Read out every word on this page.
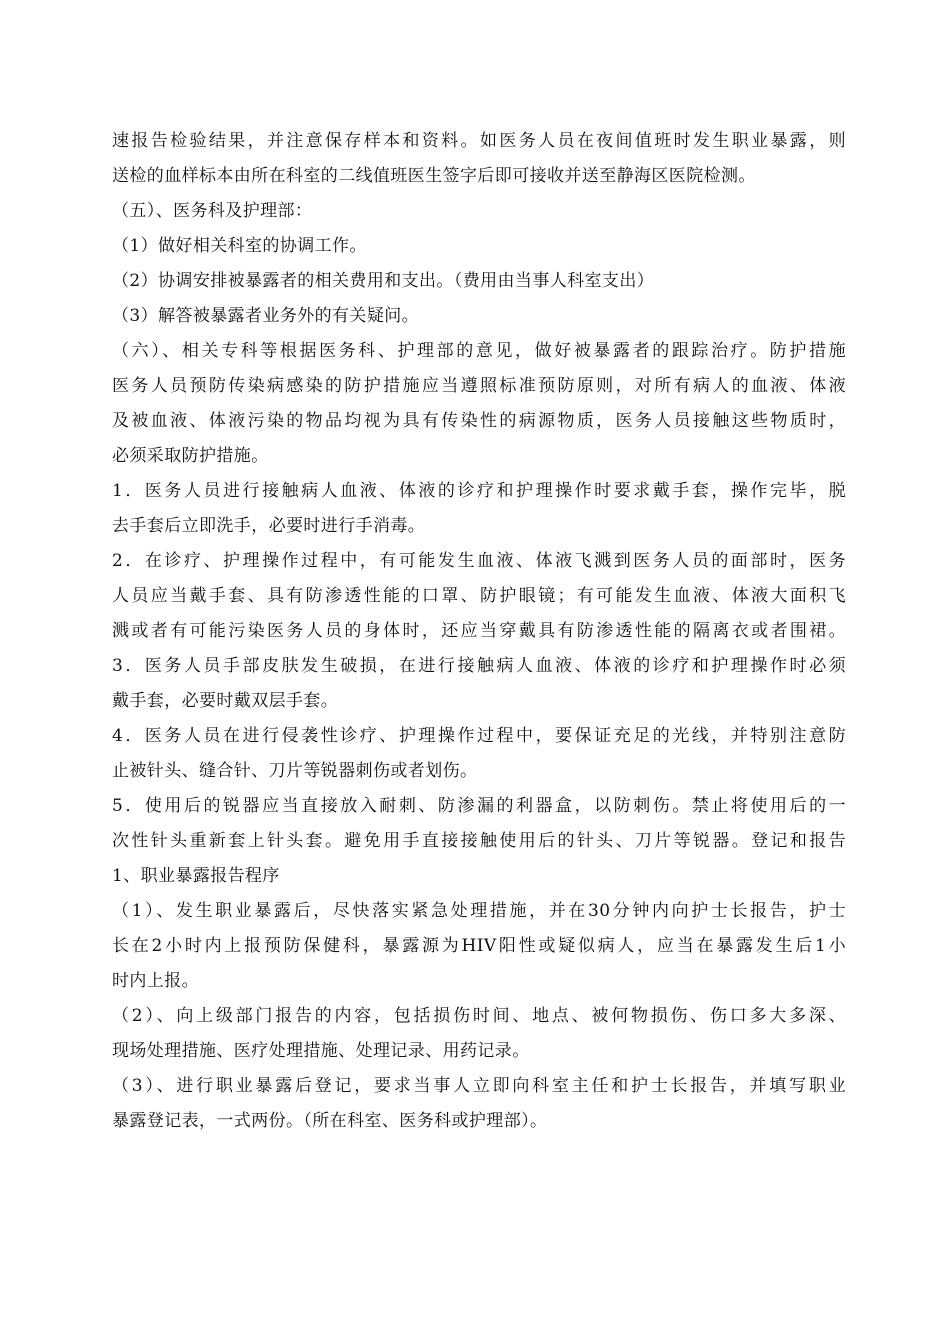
速报告检验结果，并注意保存样本和资料。如医务人员在夜间值班时发生职业暴露，则
送检的血样标本由所在科室的二线值班医生签字后即可接收并送至静海区医院检测。
（五）、医务科及护理部：
（1）做好相关科室的协调工作。
（2）协调安排被暴露者的相关费用和支出。（费用由当事人科室支出）
（3）解答被暴露者业务外的有关疑问。
（六）、相关专科等根据医务科、护理部的意见，做好被暴露者的跟踪治疗。防护措施
医务人员预防传染病感染的防护措施应当遵照标准预防原则，对所有病人的血液、体液
及被血液、体液污染的物品均视为具有传染性的病源物质，医务人员接触这些物质时，
必须采取防护措施。
1．医务人员进行接触病人血液、体液的诊疗和护理操作时要求戴手套，操作完毕，脱
去手套后立即洗手，必要时进行手消毒。
2．在诊疗、护理操作过程中，有可能发生血液、体液飞溅到医务人员的面部时，医务
人员应当戴手套、具有防渗透性能的口罩、防护眼镜；有可能发生血液、体液大面积飞
溅或者有可能污染医务人员的身体时，还应当穿戴具有防渗透性能的隔离衣或者围裙。
3．医务人员手部皮肤发生破损，在进行接触病人血液、体液的诊疗和护理操作时必须
戴手套，必要时戴双层手套。
4．医务人员在进行侵袭性诊疗、护理操作过程中，要保证充足的光线，并特别注意防
止被针头、缝合针、刀片等锐器刺伤或者划伤。
5．使用后的锐器应当直接放入耐刺、防渗漏的利器盒，以防刺伤。禁止将使用后的一
次性针头重新套上针头套。避免用手直接接触使用后的针头、刀片等锐器。登记和报告
1、职业暴露报告程序
（1）、发生职业暴露后，尽快落实紧急处理措施，并在30分钟内向护士长报告，护士
长在2小时内上报预防保健科，暴露源为HIV阳性或疑似病人，应当在暴露发生后1小
时内上报。
（2）、向上级部门报告的内容，包括损伤时间、地点、被何物损伤、伤口多大多深、
现场处理措施、医疗处理措施、处理记录、用药记录。
（3）、进行职业暴露后登记，要求当事人立即向科室主任和护士长报告，并填写职业
暴露登记表，一式两份。（所在科室、医务科或护理部）。
